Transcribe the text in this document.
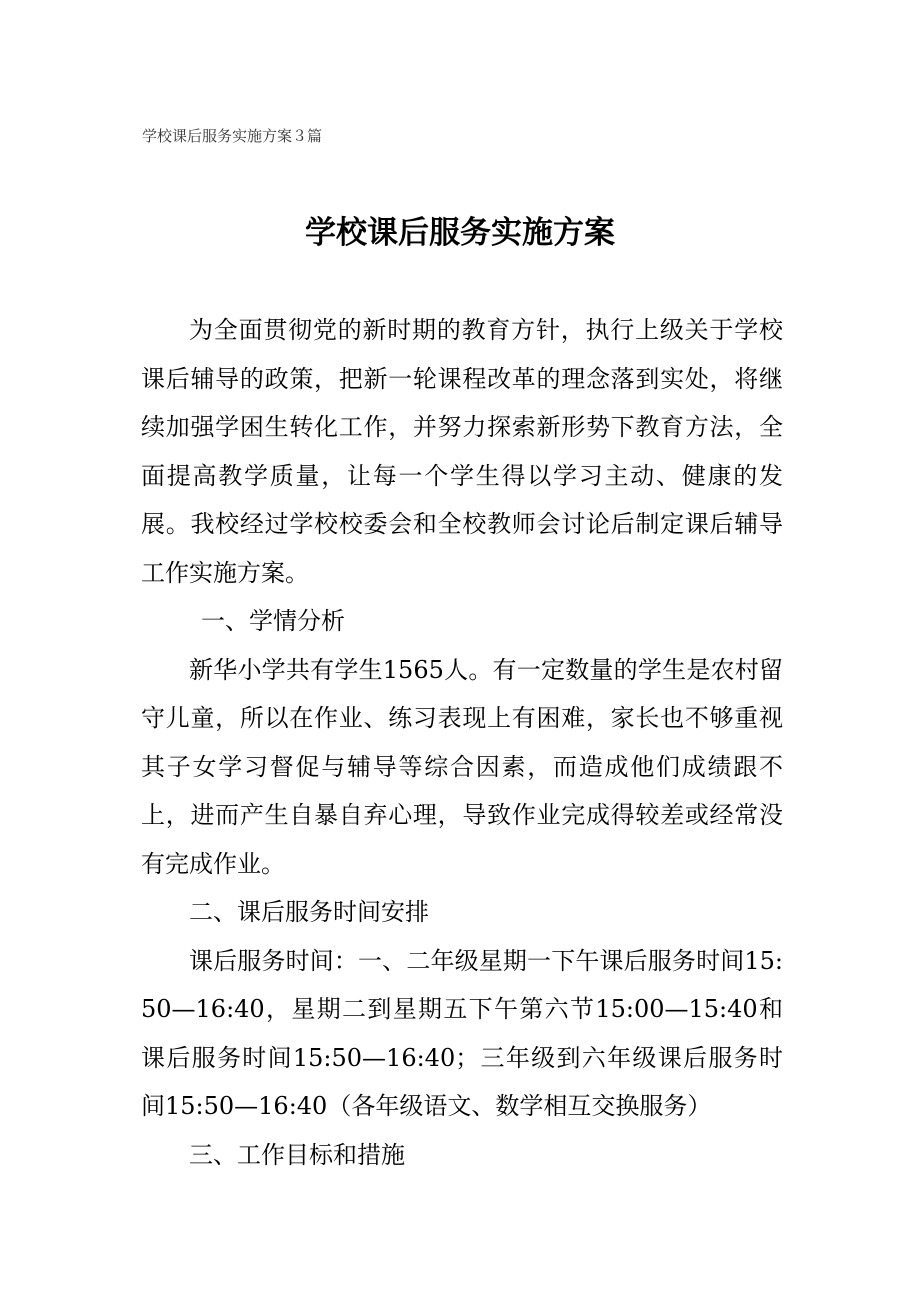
学校课后服务实施方案３篇
学校课后服务实施方案

为全面贯彻党的新时期的教育方针，执行上级关于学校课后辅导的政策，把新一轮课程改革的理念落到实处，将继续加强学困生转化工作，并努力探索新形势下教育方法，全面提高教学质量，让每一个学生得以学习主动、健康的发展。我校经过学校校委会和全校教师会讨论后制定课后辅导工作实施方案。

一、学情分析

新华小学共有学生1565人。有一定数量的学生是农村留守儿童，所以在作业、练习表现上有困难，家长也不够重视其子女学习督促与辅导等综合因素，而造成他们成绩跟不上，进而产生自暴自弃心理，导致作业完成得较差或经常没有完成作业。

二、课后服务时间安排

课后服务时间：一、二年级星期一下午课后服务时间15:50—16:40，星期二到星期五下午第六节15:00—15:40和课后服务时间15:50—16:40；三年级到六年级课后服务时间15:50—16:40（各年级语文、数学相互交换服务）

三、工作目标和措施
